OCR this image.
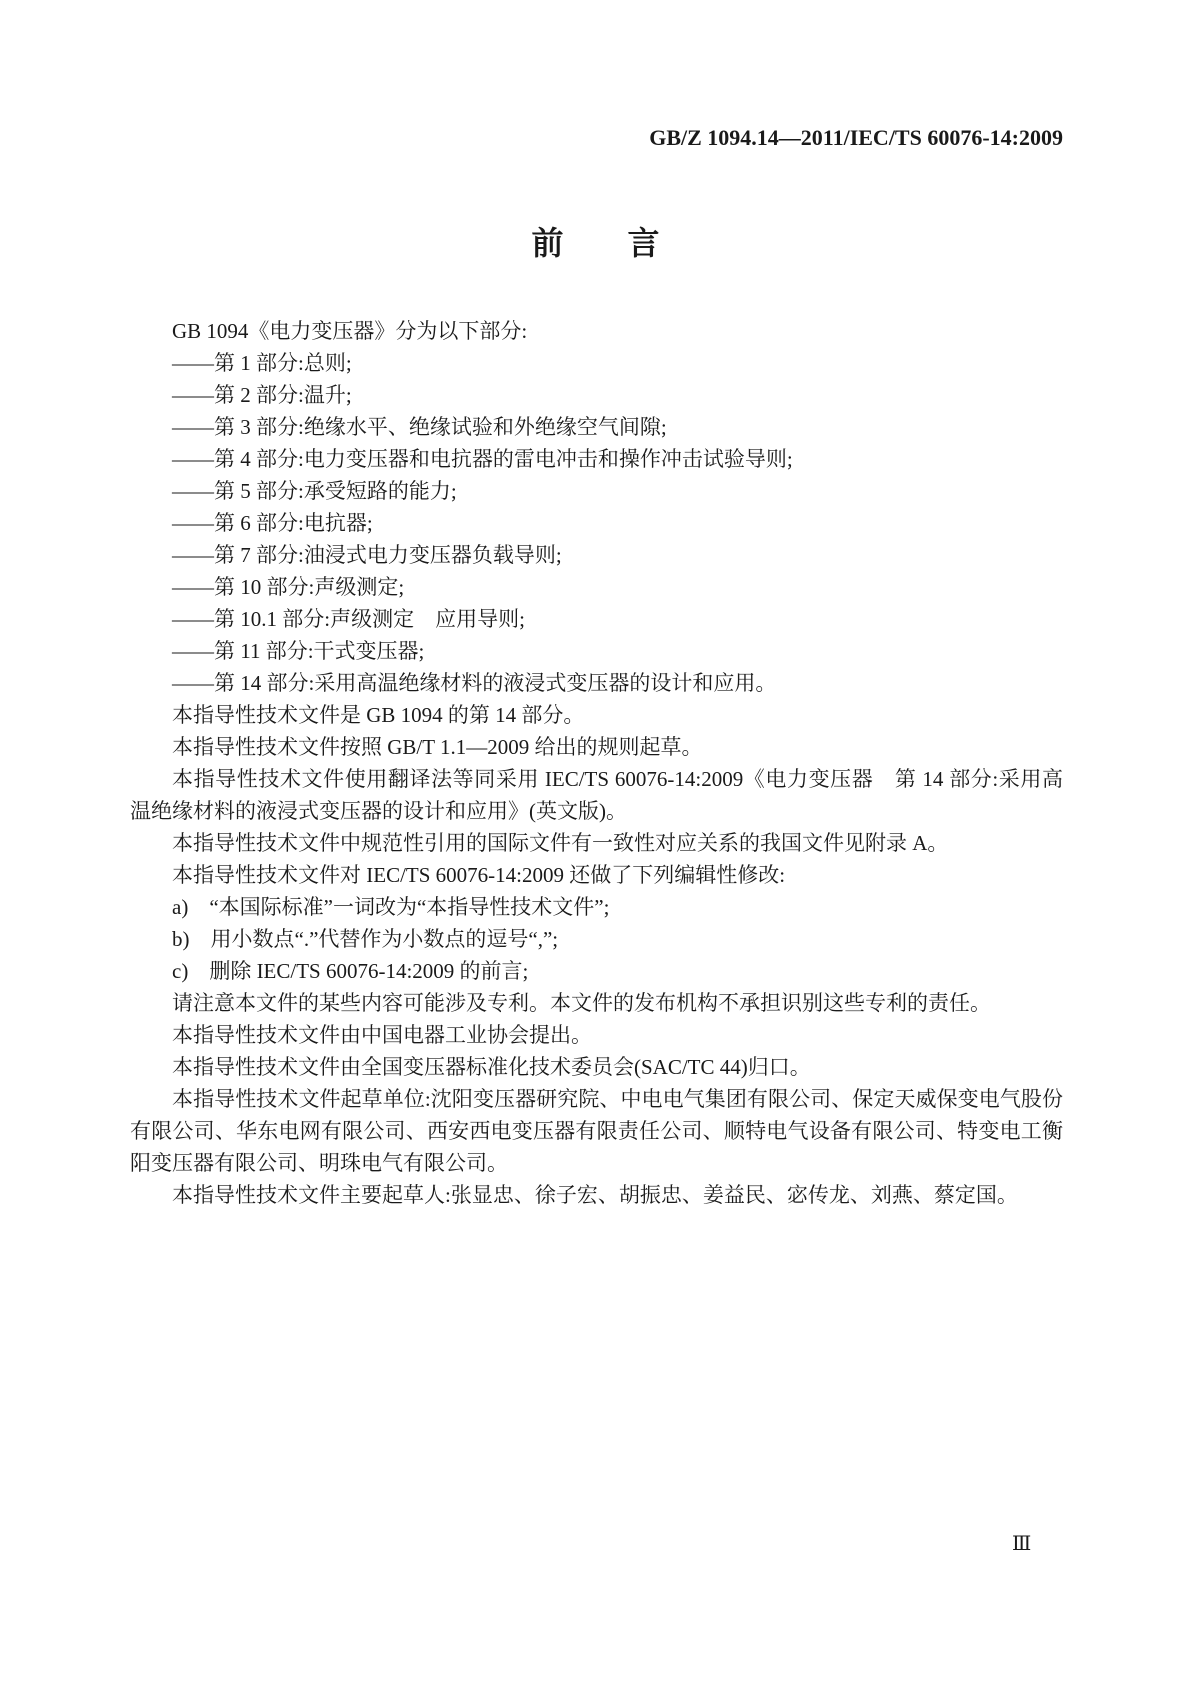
GB/Z 1094.14—2011/IEC/TS 60076-14:2009
前　　言

GB 1094《电力变压器》分为以下部分:

——第 1 部分:总则;

——第 2 部分:温升;

——第 3 部分:绝缘水平、绝缘试验和外绝缘空气间隙;

——第 4 部分:电力变压器和电抗器的雷电冲击和操作冲击试验导则;

——第 5 部分:承受短路的能力;

——第 6 部分:电抗器;

——第 7 部分:油浸式电力变压器负载导则;

——第 10 部分:声级测定;

——第 10.1 部分:声级测定　应用导则;

——第 11 部分:干式变压器;

——第 14 部分:采用高温绝缘材料的液浸式变压器的设计和应用。

本指导性技术文件是 GB 1094 的第 14 部分。

本指导性技术文件按照 GB/T 1.1—2009 给出的规则起草。

本指导性技术文件使用翻译法等同采用 IEC/TS 60076-14:2009《电力变压器　第 14 部分:采用高温绝缘材料的液浸式变压器的设计和应用》(英文版)。

本指导性技术文件中规范性引用的国际文件有一致性对应关系的我国文件见附录 A。

本指导性技术文件对 IEC/TS 60076-14:2009 还做了下列编辑性修改:

a)　“本国际标准”一词改为“本指导性技术文件”;

b)　用小数点“.”代替作为小数点的逗号“,”;

c)　删除 IEC/TS 60076-14:2009 的前言;

请注意本文件的某些内容可能涉及专利。本文件的发布机构不承担识别这些专利的责任。

本指导性技术文件由中国电器工业协会提出。

本指导性技术文件由全国变压器标准化技术委员会(SAC/TC 44)归口。

本指导性技术文件起草单位:沈阳变压器研究院、中电电气集团有限公司、保定天威保变电气股份有限公司、华东电网有限公司、西安西电变压器有限责任公司、顺特电气设备有限公司、特变电工衡阳变压器有限公司、明珠电气有限公司。

本指导性技术文件主要起草人:张显忠、徐子宏、胡振忠、姜益民、宓传龙、刘燕、蔡定国。

Ⅲ
